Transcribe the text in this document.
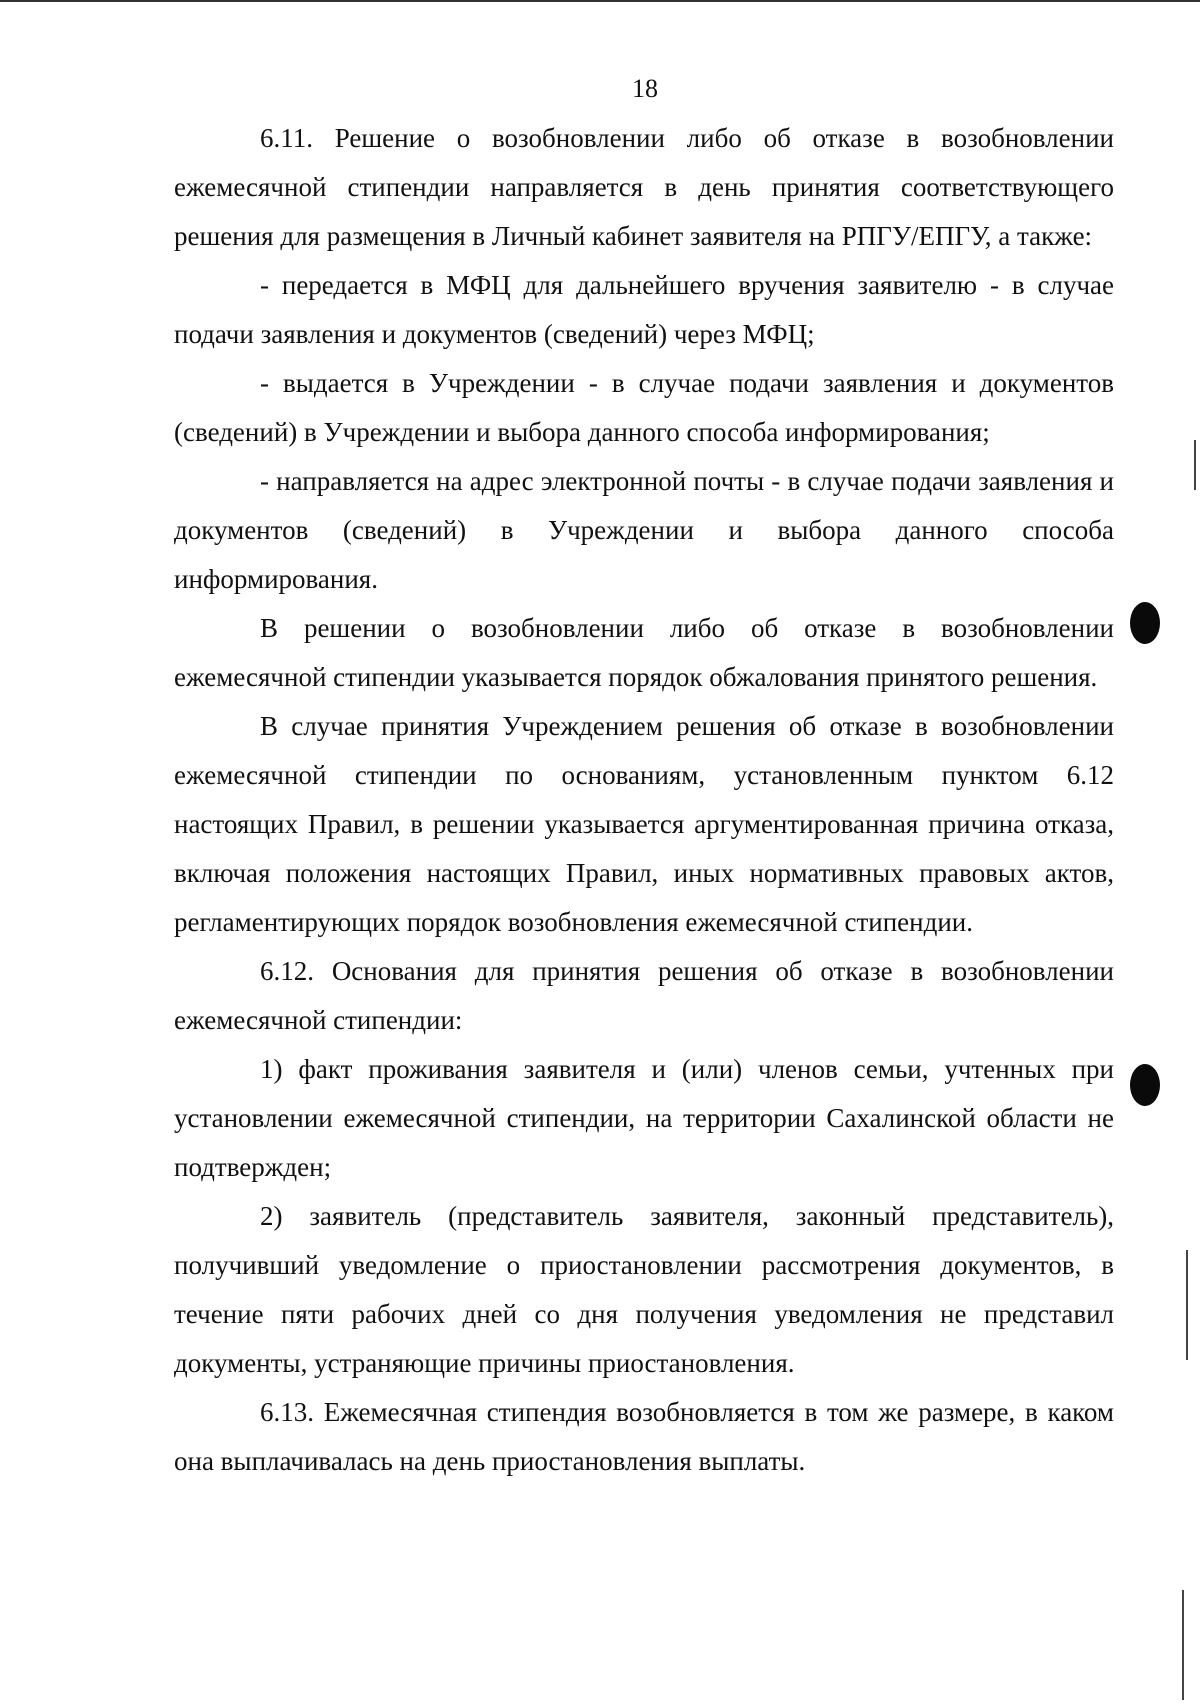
18

6.11. Решение о возобновлении либо об отказе в возобновлении ежемесячной стипендии направляется в день принятия соответствующего решения для размещения в Личный кабинет заявителя на РПГУ/ЕПГУ, а также:

- передается в МФЦ для дальнейшего вручения заявителю - в случае подачи заявления и документов (сведений) через МФЦ;

- выдается в Учреждении - в случае подачи заявления и документов (сведений) в Учреждении и выбора данного способа информирования;

- направляется на адрес электронной почты - в случае подачи заявления и документов (сведений) в Учреждении и выбора данного способа информирования.

В решении о возобновлении либо об отказе в возобновлении ежемесячной стипендии указывается порядок обжалования принятого решения.

В случае принятия Учреждением решения об отказе в возобновлении ежемесячной стипендии по основаниям, установленным пунктом 6.12 настоящих Правил, в решении указывается аргументированная причина отказа, включая положения настоящих Правил, иных нормативных правовых актов, регламентирующих порядок возобновления ежемесячной стипендии.

6.12. Основания для принятия решения об отказе в возобновлении ежемесячной стипендии:

1) факт проживания заявителя и (или) членов семьи, учтенных при установлении ежемесячной стипендии, на территории Сахалинской области не подтвержден;

2) заявитель (представитель заявителя, законный представитель), получивший уведомление о приостановлении рассмотрения документов, в течение пяти рабочих дней со дня получения уведомления не представил документы, устраняющие причины приостановления.

6.13. Ежемесячная стипендия возобновляется в том же размере, в каком она выплачивалась на день приостановления выплаты.
